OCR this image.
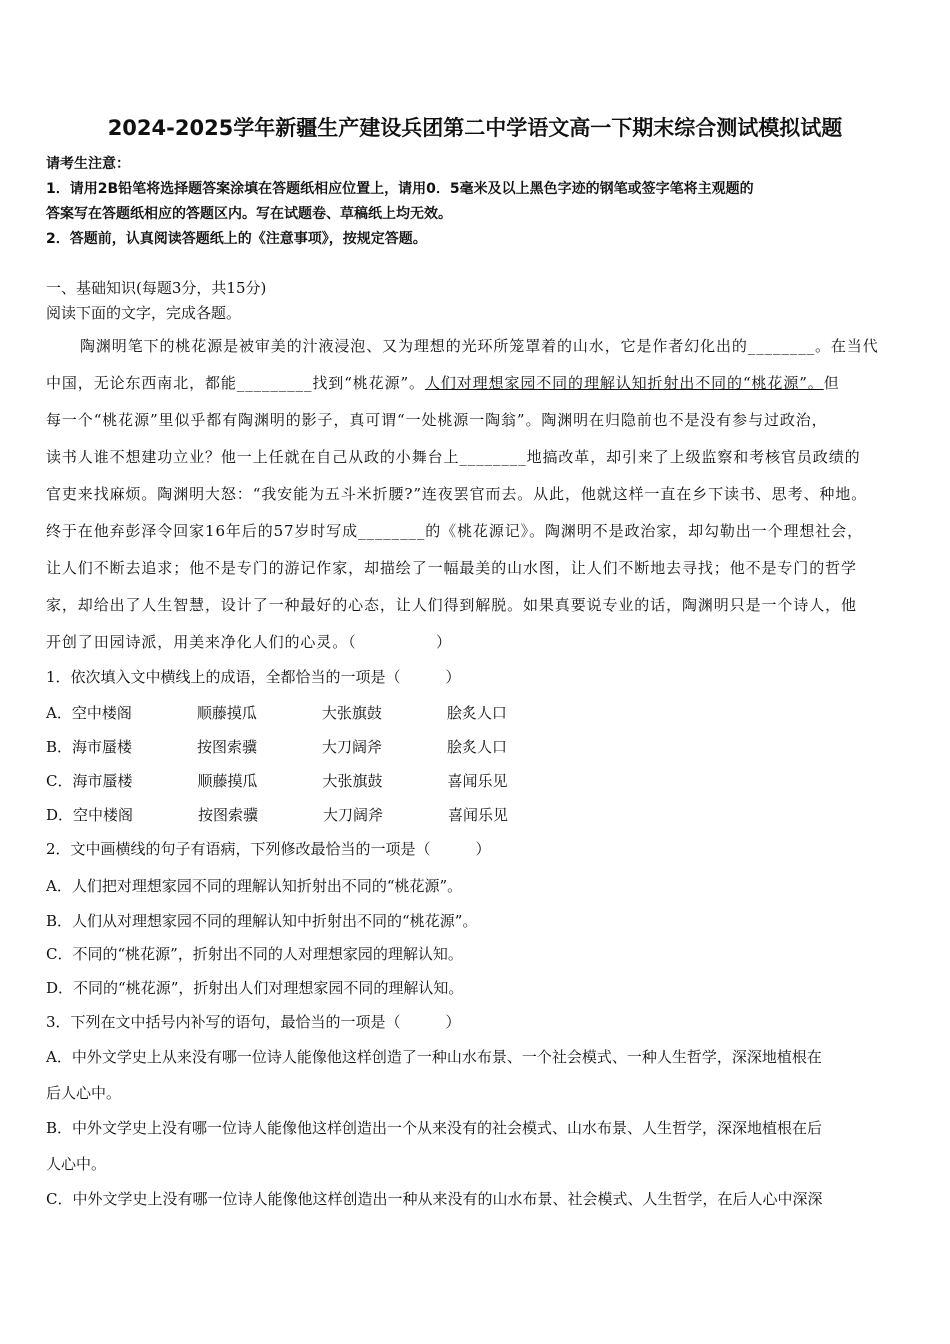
2024-2025学年新疆生产建设兵团第二中学语文高一下期末综合测试模拟试题
请考生注意：
1．请用2B铅笔将选择题答案涂填在答题纸相应位置上，请用0．5毫米及以上黑色字迹的钢笔或签字笔将主观题的
答案写在答题纸相应的答题区内。写在试题卷、草稿纸上均无效。
2．答题前，认真阅读答题纸上的《注意事项》，按规定答题。
一、基础知识(每题3分，共15分)
阅读下面的文字，完成各题。
陶渊明笔下的桃花源是被审美的汁液浸泡、又为理想的光环所笼罩着的山水，它是作者幻化出的________。在当代
中国，无论东西南北，都能_________找到“桃花源”。人们对理想家园不同的理解认知折射出不同的“桃花源”。但
每一个“桃花源”里似乎都有陶渊明的影子，真可谓“一处桃源一陶翁”。陶渊明在归隐前也不是没有参与过政治，
读书人谁不想建功立业？他一上任就在自己从政的小舞台上________地搞改革，却引来了上级监察和考核官员政绩的
官吏来找麻烦。陶渊明大怒：“我安能为五斗米折腰?”连夜罢官而去。从此，他就这样一直在乡下读书、思考、种地。
终于在他弃彭泽令回家16年后的57岁时写成________的《桃花源记》。陶渊明不是政治家，却勾勒出一个理想社会，
让人们不断去追求；他不是专门的游记作家，却描绘了一幅最美的山水图，让人们不断地去寻找；他不是专门的哲学
家，却给出了人生智慧，设计了一种最好的心态，让人们得到解脱。如果真要说专业的话，陶渊明只是一个诗人，他
开创了田园诗派，用美来净化人们的心灵。（　　　　　）
1．依次填入文中横线上的成语，全都恰当的一项是（　　　）
A．空中楼阁	顺藤摸瓜	大张旗鼓	脍炙人口
B．海市蜃楼	按图索骥	大刀阔斧	脍炙人口
C．海市蜃楼	顺藤摸瓜	大张旗鼓	喜闻乐见
D．空中楼阁	按图索骥	大刀阔斧	喜闻乐见
2．文中画横线的句子有语病，下列修改最恰当的一项是（　　　）
A．人们把对理想家园不同的理解认知折射出不同的“桃花源”。
B．人们从对理想家园不同的理解认知中折射出不同的“桃花源”。
C．不同的“桃花源”，折射出不同的人对理想家园的理解认知。
D．不同的“桃花源”，折射出人们对理想家园不同的理解认知。
3．下列在文中括号内补写的语句，最恰当的一项是（　　　）
A．中外文学史上从来没有哪一位诗人能像他这样创造了一种山水布景、一个社会模式、一种人生哲学，深深地植根在
后人心中。
B．中外文学史上没有哪一位诗人能像他这样创造出一个从来没有的社会模式、山水布景、人生哲学，深深地植根在后
人心中。
C．中外文学史上没有哪一位诗人能像他这样创造出一种从来没有的山水布景、社会模式、人生哲学，在后人心中深深
